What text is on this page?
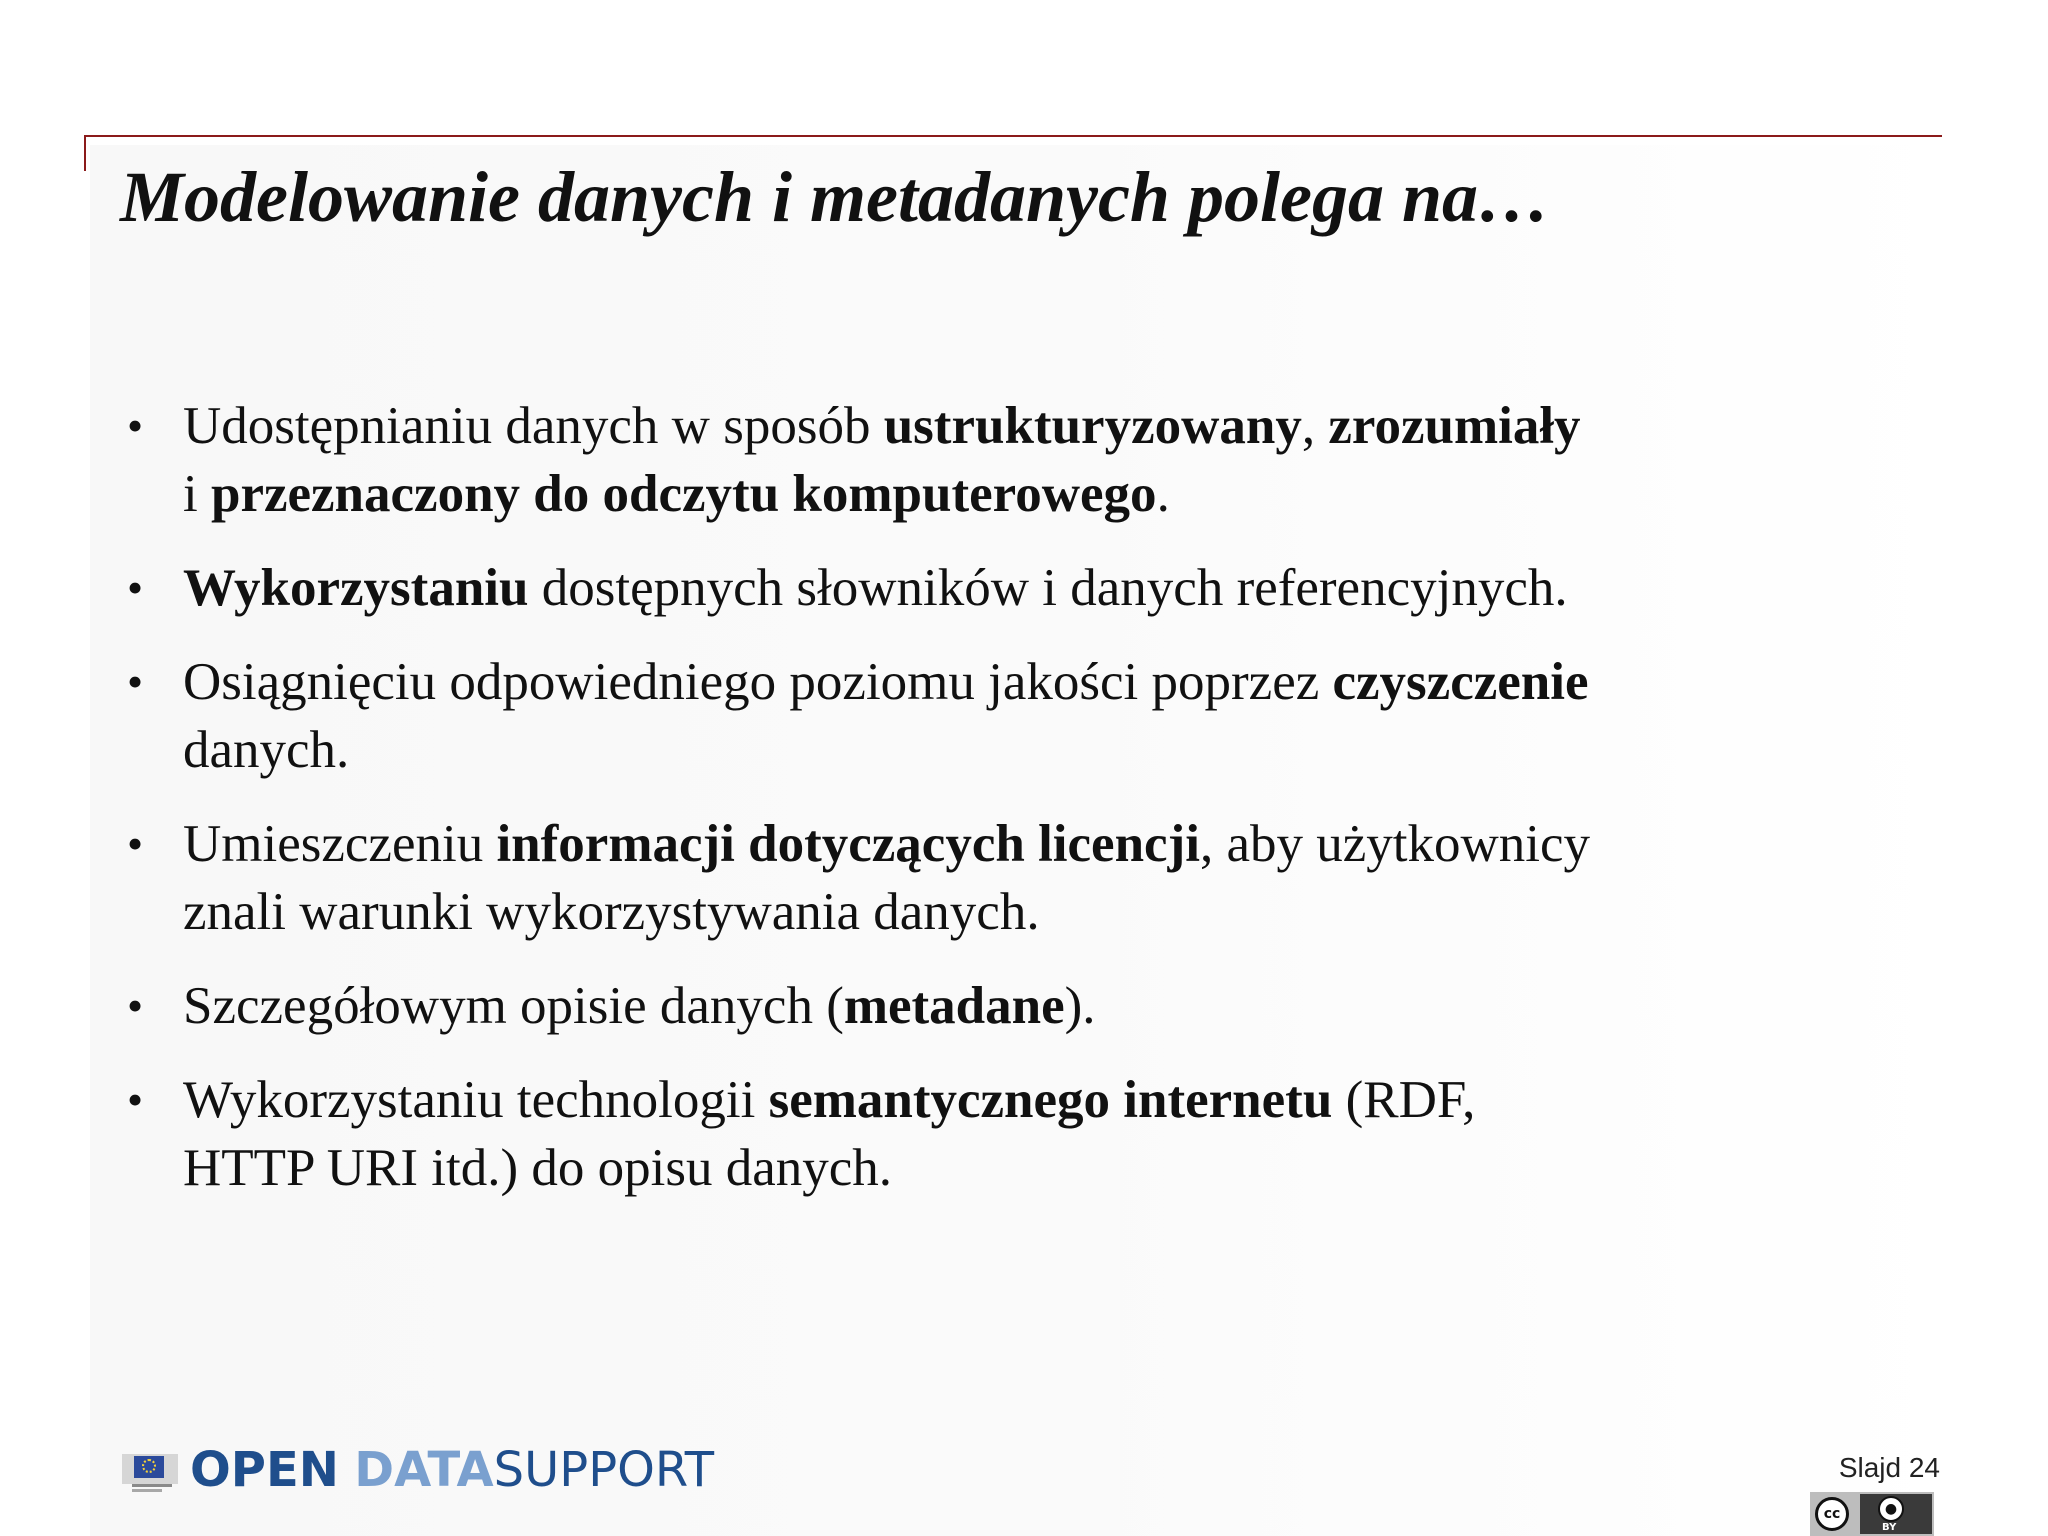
Modelowanie danych i metadanych polega na…
• Udostępnianiu danych w sposób ustrukturyzowany, zrozumiały
i przeznaczony do odczytu komputerowego.
• Wykorzystaniu dostępnych słowników i danych referencyjnych.
• Osiągnięciu odpowiedniego poziomu jakości poprzez czyszczenie
danych.
• Umieszczeniu informacji dotyczących licencji, aby użytkownicy
znali warunki wykorzystywania danych.
• Szczegółowym opisie danych (metadane).
• Wykorzystaniu technologii semantycznego internetu (RDF,
HTTP URI itd.) do opisu danych.
OPEN DATASUPPORT	Slajd 24
cc	●
BY
